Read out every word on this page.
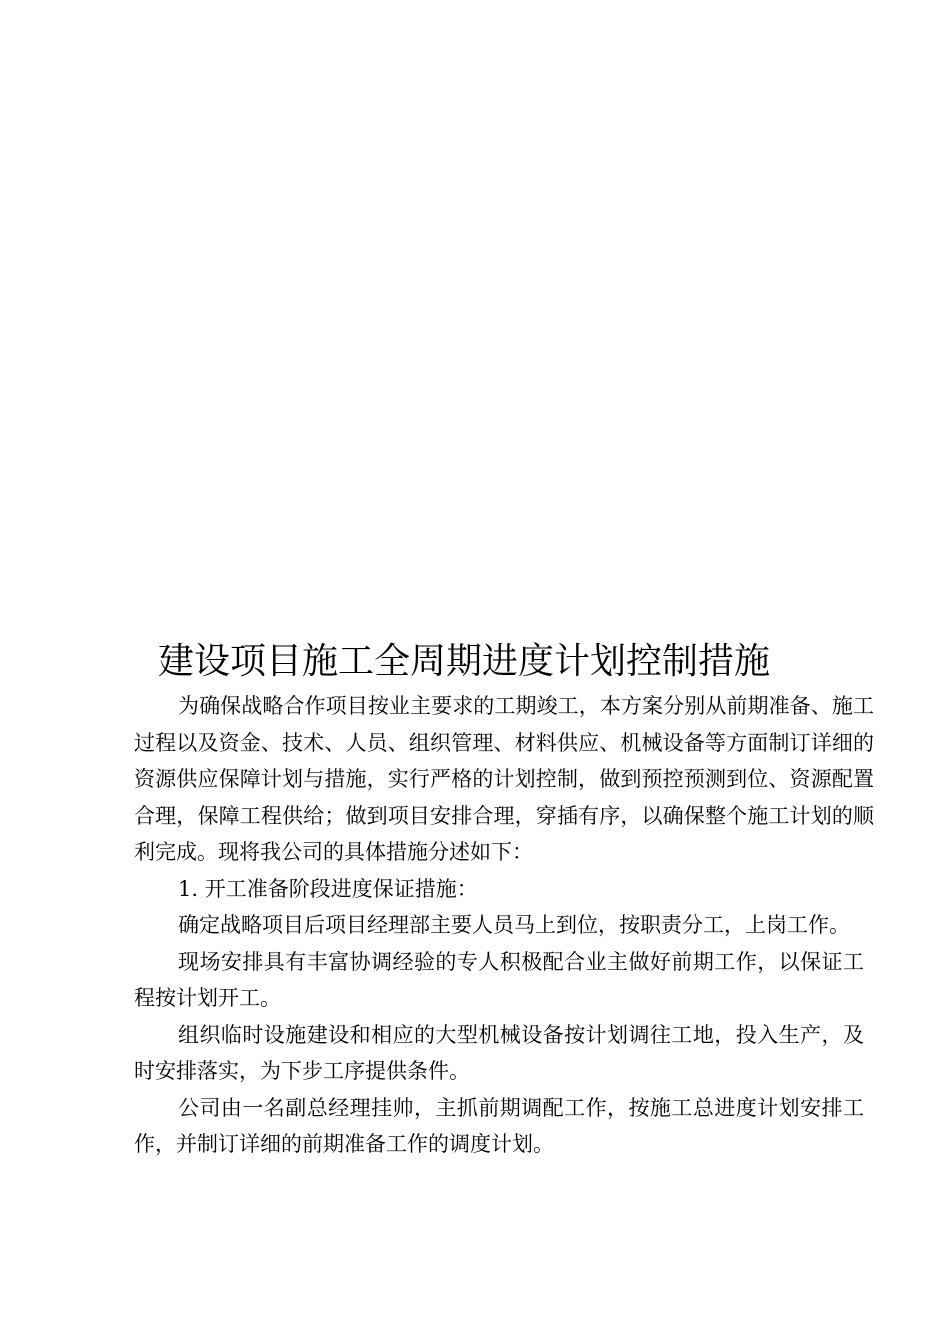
建设项目施工全周期进度计划控制措施

为确保战略合作项目按业主要求的工期竣工，本方案分别从前期准备、施工过程以及资金、技术、人员、组织管理、材料供应、机械设备等方面制订详细的资源供应保障计划与措施，实行严格的计划控制，做到预控预测到位、资源配置合理，保障工程供给；做到项目安排合理，穿插有序，以确保整个施工计划的顺利完成。现将我公司的具体措施分述如下：

1. 开工准备阶段进度保证措施：

确定战略项目后项目经理部主要人员马上到位，按职责分工，上岗工作。

现场安排具有丰富协调经验的专人积极配合业主做好前期工作，以保证工程按计划开工。

组织临时设施建设和相应的大型机械设备按计划调往工地，投入生产，及时安排落实，为下步工序提供条件。

公司由一名副总经理挂帅，主抓前期调配工作，按施工总进度计划安排工作，并制订详细的前期准备工作的调度计划。
